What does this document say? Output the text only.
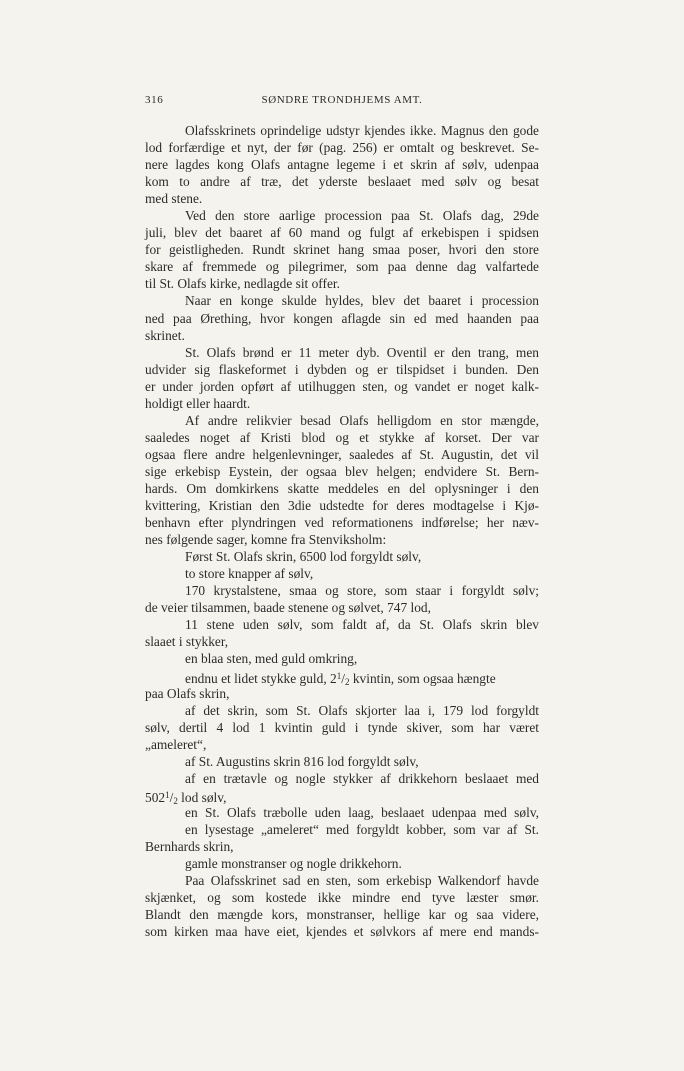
316	SØNDRE TRONDHJEMS AMT.
Olafsskrinets oprindelige udstyr kjendes ikke. Magnus den gode
lod forfærdige et nyt, der før (pag. 256) er omtalt og beskrevet. Se-
nere lagdes kong Olafs antagne legeme i et skrin af sølv, udenpaa
kom to andre af træ, det yderste beslaaet med sølv og besat
med stene.
Ved den store aarlige procession paa St. Olafs dag, 29de
juli, blev det baaret af 60 mand og fulgt af erkebispen i spidsen
for geistligheden. Rundt skrinet hang smaa poser, hvori den store
skare af fremmede og pilegrimer, som paa denne dag valfartede
til St. Olafs kirke, nedlagde sit offer.
Naar en konge skulde hyldes, blev det baaret i procession
ned paa Ørething, hvor kongen aflagde sin ed med haanden paa
skrinet.
St. Olafs brønd er 11 meter dyb. Oventil er den trang, men
udvider sig flaskeformet i dybden og er tilspidset i bunden. Den
er under jorden opført af utilhuggen sten, og vandet er noget kalk-
holdigt eller haardt.
Af andre relikvier besad Olafs helligdom en stor mængde,
saaledes noget af Kristi blod og et stykke af korset. Der var
ogsaa flere andre helgenlevninger, saaledes af St. Augustin, det vil
sige erkebisp Eystein, der ogsaa blev helgen; endvidere St. Bern-
hards. Om domkirkens skatte meddeles en del oplysninger i den
kvittering, Kristian den 3die udstedte for deres modtagelse i Kjø-
benhavn efter plyndringen ved reformationens indførelse; her næv-
nes følgende sager, komne fra Stenviksholm:
Først St. Olafs skrin, 6500 lod forgyldt sølv,
to store knapper af sølv,
170 krystalstene, smaa og store, som staar i forgyldt sølv;
de veier tilsammen, baade stenene og sølvet, 747 lod,
11 stene uden sølv, som faldt af, da St. Olafs skrin blev
slaaet i stykker,
en blaa sten, med guld omkring,
endnu et lidet stykke guld, $2^1/_2$ kvintin, som ogsaa hængte
paa Olafs skrin,
af det skrin, som St. Olafs skjorter laa i, 179 lod forgyldt
sølv, dertil 4 lod 1 kvintin guld i tynde skiver, som har været
„ameleret“,
af St. Augustins skrin 816 lod forgyldt sølv,
af en trætavle og nogle stykker af drikkehorn beslaaet med
$502^1/_2$ lod sølv,
en St. Olafs træbolle uden laag, beslaaet udenpaa med sølv,
en lysestage „ameleret“ med forgyldt kobber, som var af St.
Bernhards skrin,
gamle monstranser og nogle drikkehorn.
Paa Olafsskrinet sad en sten, som erkebisp Walkendorf havde
skjænket, og som kostede ikke mindre end tyve læster smør.
Blandt den mængde kors, monstranser, hellige kar og saa videre,
som kirken maa have eiet, kjendes et sølvkors af mere end mands-
